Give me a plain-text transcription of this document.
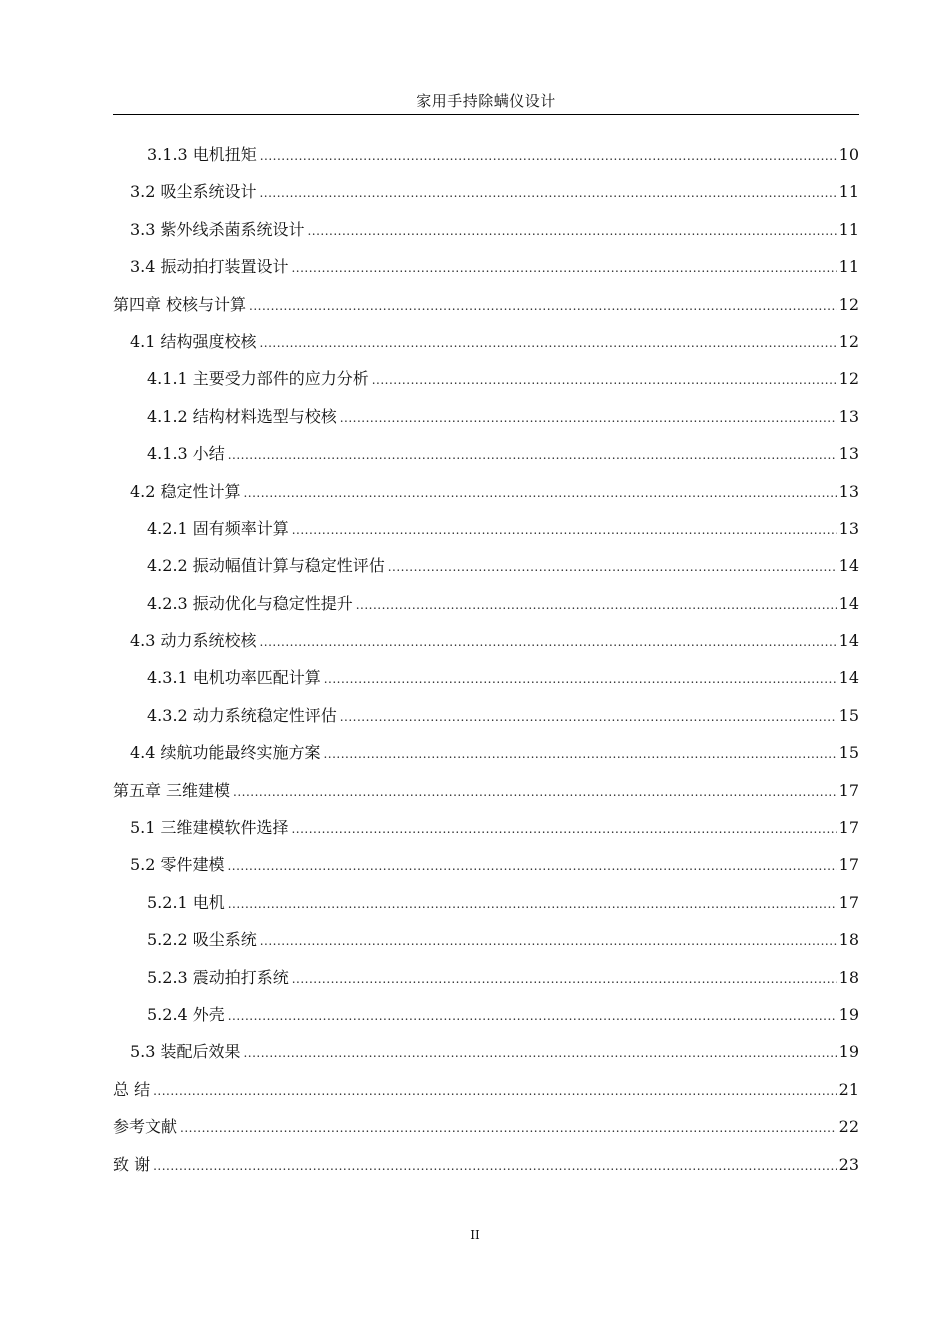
家用手持除螨仪设计
3.1.3 电机扭矩 .....	10
3.2 吸尘系统设计 .....	11
3.3 紫外线杀菌系统设计 .....	11
3.4 振动拍打装置设计 .....	11
第四章 校核与计算 .....	12
4.1 结构强度校核 .....	12
4.1.1 主要受力部件的应力分析 .....	12
4.1.2 结构材料选型与校核 .....	13
4.1.3 小结 .....	13
4.2 稳定性计算 .....	13
4.2.1 固有频率计算 .....	13
4.2.2 振动幅值计算与稳定性评估 .....	14
4.2.3 振动优化与稳定性提升 .....	14
4.3 动力系统校核 .....	14
4.3.1 电机功率匹配计算 .....	14
4.3.2 动力系统稳定性评估 .....	15
4.4 续航功能最终实施方案 .....	15
第五章 三维建模 .....	17
5.1 三维建模软件选择 .....	17
5.2 零件建模 .....	17
5.2.1 电机 .....	17
5.2.2 吸尘系统 .....	18
5.2.3 震动拍打系统 .....	18
5.2.4 外壳 .....	19
5.3 装配后效果 .....	19
总 结 .....	21
参考文献 .....	22
致 谢 .....	23
II
